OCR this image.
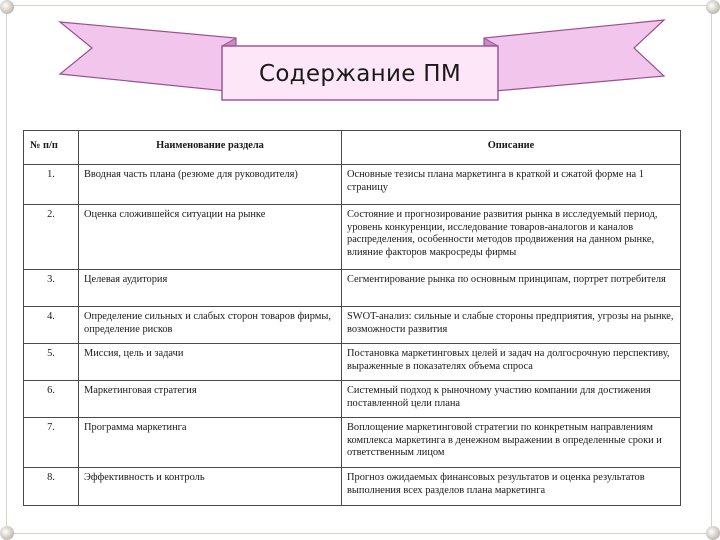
Содержание ПМ
№ п/п	Наименование раздела	Описание
1.	Вводная часть плана (резюме для руководителя)	Основные тезисы плана маркетинга в краткой и сжатой форме на 1 страницу
2.	Оценка сложившейся ситуации на рынке	Состояние и прогнозирование развития рынка в исследуемый период, уровень конкуренции, исследование товаров-аналогов и каналов распределения, особенности методов продвижения на данном рынке, влияние факторов макросреды фирмы
3.	Целевая аудитория	Сегментирование рынка по основным принципам, портрет потребителя
4.	Определение сильных и слабых сторон товаров фирмы, определение рисков	SWOT-анализ: сильные и слабые стороны предприятия, угрозы на рынке, возможности развития
5.	Миссия, цель и задачи	Постановка маркетинговых целей и задач на долгосрочную перспективу, выраженные в показателях объема спроса
6.	Маркетинговая стратегия	Системный подход к рыночному участию компании для достижения поставленной цели плана
7.	Программа маркетинга	Воплощение маркетинговой стратегии по конкретным направлениям комплекса маркетинга в денежном выражении в определенные сроки и ответственным лицом
8.	Эффективность и контроль	Прогноз ожидаемых финансовых результатов и оценка результатов выполнения всех разделов плана маркетинга
